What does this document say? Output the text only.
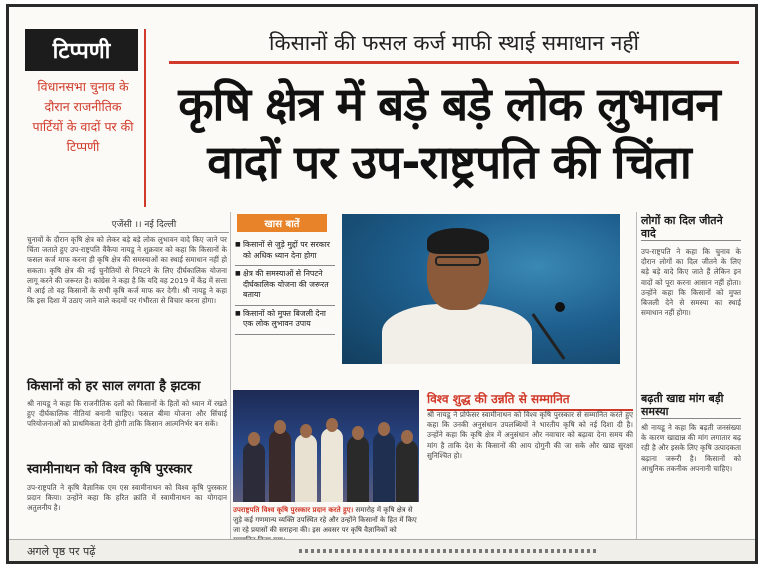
टिप्पणी
विधानसभा चुनाव के दौरान राजनीतिक पार्टियों के वादों पर की टिप्पणी
किसानों की फसल कर्ज माफी स्थाई समाधान नहीं
कृषि क्षेत्र में बड़े बड़े लोक लुभावन
वादों पर उप-राष्ट्रपति की चिंता
एजेंसी ।। नई दिल्ली
चुनावों के दौरान कृषि क्षेत्र को लेकर बड़े बड़े लोक लुभावन वादे किए जाने पर चिंता जताते हुए उप-राष्ट्रपति वैंकैया नायडू ने शुक्रवार को कहा कि किसानों के फसल कर्ज माफ करना ही कृषि क्षेत्र की समस्याओं का स्थाई समाधान नहीं हो सकता। कृषि क्षेत्र की नई चुनौतियों से निपटने के लिए दीर्घकालिक योजना लागू करने की जरूरत है। कांग्रेस ने कहा है कि यदि वह 2019 में केंद्र में सत्ता में आई तो वह किसानों के सभी कृषि कर्ज माफ कर देगी। श्री नायडू ने कहा कि इस दिशा में उठाए जाने वाले कदमों पर गंभीरता से विचार करना होगा।
किसानों को हर साल लगता है झटका
श्री नायडू ने कहा कि राजनीतिक दलों को किसानों के हितों को ध्यान में रखते हुए दीर्घकालिक नीतियां बनानी चाहिए। फसल बीमा योजना और सिंचाई परियोजनाओं को प्राथमिकता देनी होगी ताकि किसान आत्मनिर्भर बन सकें।
स्वामीनाथन को विश्व कृषि पुरस्कार
उप-राष्ट्रपति ने कृषि वैज्ञानिक एम एस स्वामीनाथन को विश्व कृषि पुरस्कार प्रदान किया। उन्होंने कहा कि हरित क्रांति में स्वामीनाथन का योगदान अतुलनीय है।
खास बातें
■ किसानों से जुड़े मुद्दों पर सरकार को अधिक ध्यान देना होगा
■ क्षेत्र की समस्याओं से निपटने दीर्घकालिक योजना की जरूरत बताया
■ किसानों को मुफ्त बिजली देना एक लोक लुभावन उपाय
उपराष्ट्रपति विश्व कृषि पुरस्कार प्रदान करते हुए। समारोह में कृषि क्षेत्र से जुड़े कई गणमान्य व्यक्ति उपस्थित रहे और उन्होंने किसानों के हित में किए जा रहे प्रयासों की सराहना की। इस अवसर पर कृषि वैज्ञानिकों को
विश्व शुद्ध की उन्नति से सम्मानित
श्री नायडू ने प्रोफेसर स्वामीनाथन को विश्व कृषि पुरस्कार से सम्मानित करते हुए कहा कि उनकी अनुसंधान उपलब्धियों ने भारतीय कृषि को नई दिशा दी है। उन्होंने कहा कि कृषि क्षेत्र में अनुसंधान और नवाचार को बढ़ावा देना समय की मांग है ताकि देश के किसानों की आय दोगुनी की जा सके और खाद्य सुरक्षा सुनिश्चित हो।
लोगों का दिल जीतने वादे
उप-राष्ट्रपति ने कहा कि चुनाव के दौरान लोगों का दिल जीतने के लिए बड़े बड़े वादे किए जाते हैं लेकिन इन वादों को पूरा करना आसान नहीं होता। उन्होंने कहा कि किसानों को मुफ्त बिजली देने से समस्या का स्थाई समाधान नहीं होगा।
बढ़ती खाद्य मांग बड़ी समस्या
श्री नायडू ने कहा कि बढ़ती जनसंख्या के कारण खाद्यान्न की मांग लगातार बढ़ रही है और इसके लिए कृषि उत्पादकता बढ़ाना जरूरी है। किसानों को आधुनिक तकनीक अपनानी चाहिए।
अगले पृष्ठ पर पढ़ें
